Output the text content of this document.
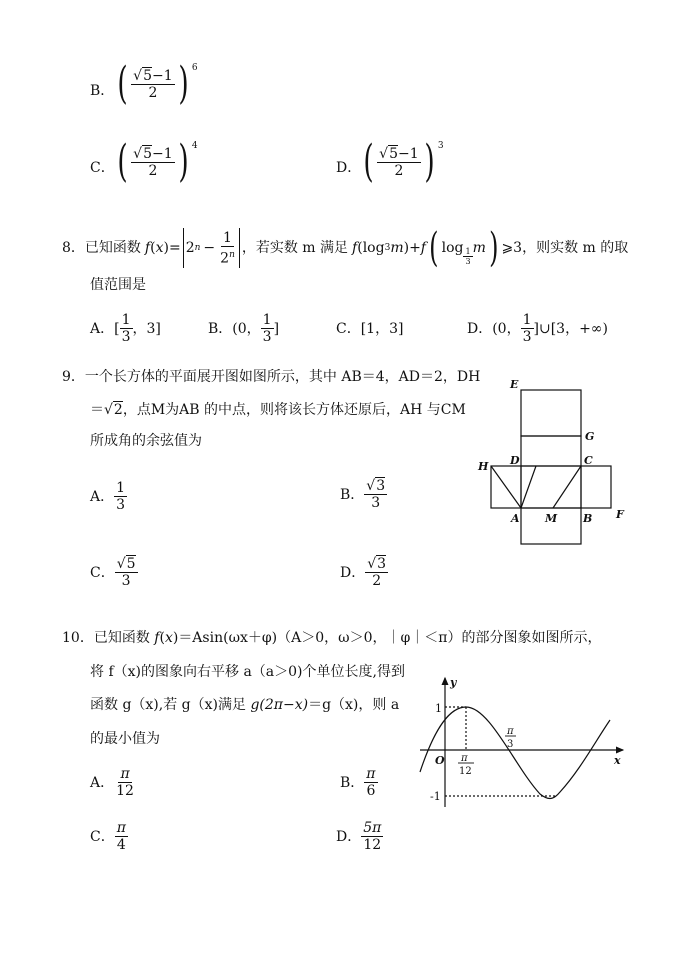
B． ( $\frac{√5-1}{2}$ ) $^6$
C． ( $\frac{√5-1}{2}$ ) $^4$
D． ( $\frac{√5-1}{2}$ ) $^3$
8． 已知函数 f ( x ) = 2 $n - \frac{1}{2^n}$ ，若实数 m 满足 f ( log 3 m ) + f ( $\log \frac{1}{3}$ m ) ⩾3，则实数 m 的取
值范围是
A．[ $\frac{1}{3}$ ，3]	B．(0， $\frac{1}{3}$ ]	C．[1，3]	D．(0， $\frac{1}{3}$ ]∪[3，+∞)
9．一个长方体的平面展开图如图所示，其中 AB＝4，AD＝2，DH
＝√2，点M为AB 的中点，则将该长方体还原后，AH 与CM
所成角的余弦值为
A． $\frac{1}{3}$	B． $\frac{√3}{3}$
C． $\frac{√5}{3}$	D． $\frac{√3}{2}$
E
G
H D	C
A M B F
10．已知函数 f(x)＝Asin(ωx＋φ)（A＞0，ω＞0，｜φ｜＜π）的部分图象如图所示，
将 f（x)的图象向右平移 a（a＞0)个单位长度,得到
函数 g（x),若 g（x)满足 g(2π−x)＝g（x)，则 a
的最小值为
A． $\frac{\pi}{12}$	B． $\frac{\pi}{6}$
C． $\frac{\pi}{4}$	D． $\frac{5\pi}{12}$
y
x
O
1
-1
π
12
π
3
